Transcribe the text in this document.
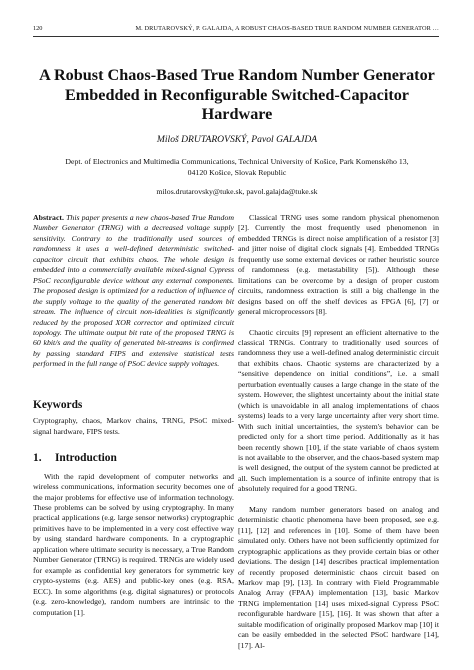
120	M. DRUTAROVSKÝ, P. GALAJDA, A ROBUST CHAOS-BASED TRUE RANDOM NUMBER GENERATOR …
A Robust Chaos-Based True Random Number Generator
Embedded in Reconfigurable Switched-Capacitor
Hardware
Miloš DRUTAROVSKÝ, Pavol GALAJDA
Dept. of Electronics and Multimedia Communications, Technical University of Košice, Park Komenského 13,
04120 Košice, Slovak Republic
milos.drutarovsky@tuke.sk, pavol.galajda@tuke.sk

Abstract. This paper presents a new chaos-based True Random Number Generator (TRNG) with a decreased voltage supply sensitivity. Contrary to the traditionally used sources of randomness it uses a well-defined deterministic switched-capacitor circuit that exhibits chaos. The whole design is embedded into a commercially available mixed-signal Cypress PSoC reconfigurable device without any external components. The proposed design is optimized for a reduction of influence of the supply voltage to the quality of the generated random bit stream. The influence of circuit non-idealities is significantly reduced by the proposed XOR corrector and optimized circuit topology. The ultimate output bit rate of the proposed TRNG is 60 kbit/s and the quality of generated bit-streams is confirmed by passing standard FIPS and extensive statistical tests performed in the full range of PSoC device supply voltages.

Keywords

Cryptography, chaos, Markov chains, TRNG, PSoC mixed-signal hardware, FIPS tests.

1. Introduction

With the rapid development of computer networks and wireless communications, information security becomes one of the major problems for effective use of information technology. These problems can be solved by using cryptography. In many practical applications (e.g. large sensor networks) cryptographic primitives have to be implemented in a very cost effective way by using standard hardware components. In a cryptographic application where ultimate security is necessary, a True Random Number Generator (TRNG) is required. TRNGs are widely used for example as confidential key generators for symmetric key crypto-systems (e.g. AES) and public-key ones (e.g. RSA, ECC). In some algorithms (e.g. digital signatures) or protocols (e.g. zero-knowledge), random numbers are intrinsic to the computation [1].

Classical TRNG uses some random physical phenomenon [2]. Currently the most frequently used phenomenon in embedded TRNGs is direct noise amplification of a resistor [3] and jitter noise of digital clock signals [4]. Embedded TRNGs frequently use some external devices or rather heuristic source of randomness (e.g. metastability [5]). Although these limitations can be overcome by a design of proper custom circuits, randomness extraction is still a big challenge in the designs based on off the shelf devices as FPGA [6], [7] or general microprocessors [8].

Chaotic circuits [9] represent an efficient alternative to the classical TRNGs. Contrary to traditionally used sources of randomness they use a well-defined analog deterministic circuit that exhibits chaos. Chaotic systems are characterized by a “sensitive dependence on initial conditions”, i.e. a small perturbation eventually causes a large change in the state of the system. However, the slightest uncertainty about the initial state (which is unavoidable in all analog implementations of chaos systems) leads to a very large uncertainty after very short time. With such initial uncertainties, the system's behavior can be predicted only for a short time period. Additionally as it has been recently shown [10], if the state variable of chaos system is not available to the observer, and the chaos-based system map is well designed, the output of the system cannot be predicted at all. Such implementation is a source of infinite entropy that is absolutely required for a good TRNG.

Many random number generators based on analog and deterministic chaotic phenomena have been proposed, see e.g. [11], [12] and references in [10]. Some of them have been simulated only. Others have not been sufficiently optimized for cryptographic applications as they provide certain bias or other deviations. The design [14] describes practical implementation of recently proposed deterministic chaos circuit based on Markov map [9], [13]. In contrary with Field Programmable Analog Array (FPAA) implementation [13], basic Markov TRNG implementation [14] uses mixed-signal Cypress PSoC reconfigurable hardware [15], [16]. It was shown that after a suitable modification of originally proposed Markov map [10] it can be easily embedded in the selected PSoC hardware [14], [17]. Al-
